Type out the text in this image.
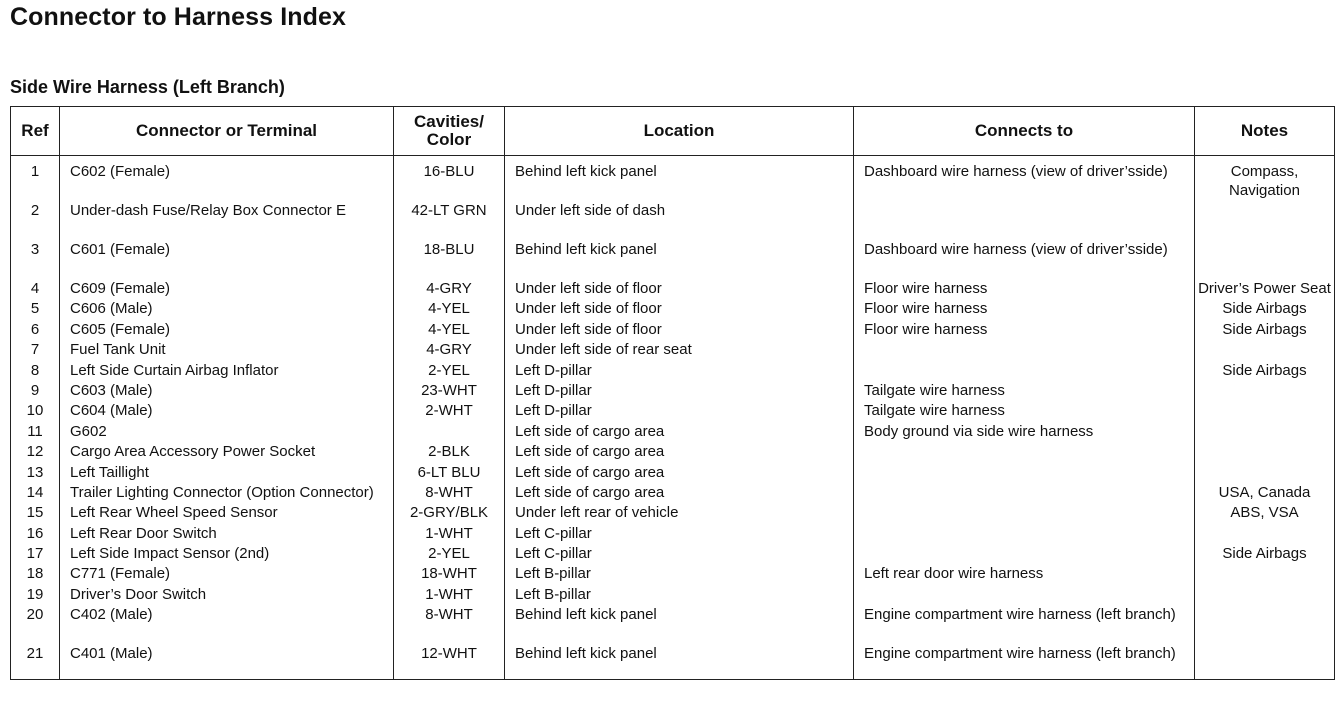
Connector to Harness Index
Side Wire Harness (Left Branch)
Ref	Connector or Terminal	Cavities/
Color	Location	Connects to	Notes
1	C602 (Female)	16-BLU	Behind left kick panel	Dashboard wire harness (view of driver’sside)	Compass, Navigation
2	Under-dash Fuse/Relay Box Connector E	42-LT GRN	Under left side of dash		
3	C601 (Female)	18-BLU	Behind left kick panel	Dashboard wire harness (view of driver’sside)	
4	C609 (Female)	4-GRY	Under left side of floor	Floor wire harness	Driver’s Power Seat
5	C606 (Male)	4-YEL	Under left side of floor	Floor wire harness	Side Airbags
6	C605 (Female)	4-YEL	Under left side of floor	Floor wire harness	Side Airbags
7	Fuel Tank Unit	4-GRY	Under left side of rear seat		
8	Left Side Curtain Airbag Inflator	2-YEL	Left D-pillar		Side Airbags
9	C603 (Male)	23-WHT	Left D-pillar	Tailgate wire harness	
10	C604 (Male)	2-WHT	Left D-pillar	Tailgate wire harness	
11	G602		Left side of cargo area	Body ground via side wire harness	
12	Cargo Area Accessory Power Socket	2-BLK	Left side of cargo area		
13	Left Taillight	6-LT BLU	Left side of cargo area		
14	Trailer Lighting Connector (Option Connector)	8-WHT	Left side of cargo area		USA, Canada
15	Left Rear Wheel Speed Sensor	2-GRY/BLK	Under left rear of vehicle		ABS, VSA
16	Left Rear Door Switch	1-WHT	Left C-pillar		
17	Left Side Impact Sensor (2nd)	2-YEL	Left C-pillar		Side Airbags
18	C771 (Female)	18-WHT	Left B-pillar	Left rear door wire harness	
19	Driver’s Door Switch	1-WHT	Left B-pillar		
20	C402 (Male)	8-WHT	Behind left kick panel	Engine compartment wire harness (left branch)	
21	C401 (Male)	12-WHT	Behind left kick panel	Engine compartment wire harness (left branch)	
